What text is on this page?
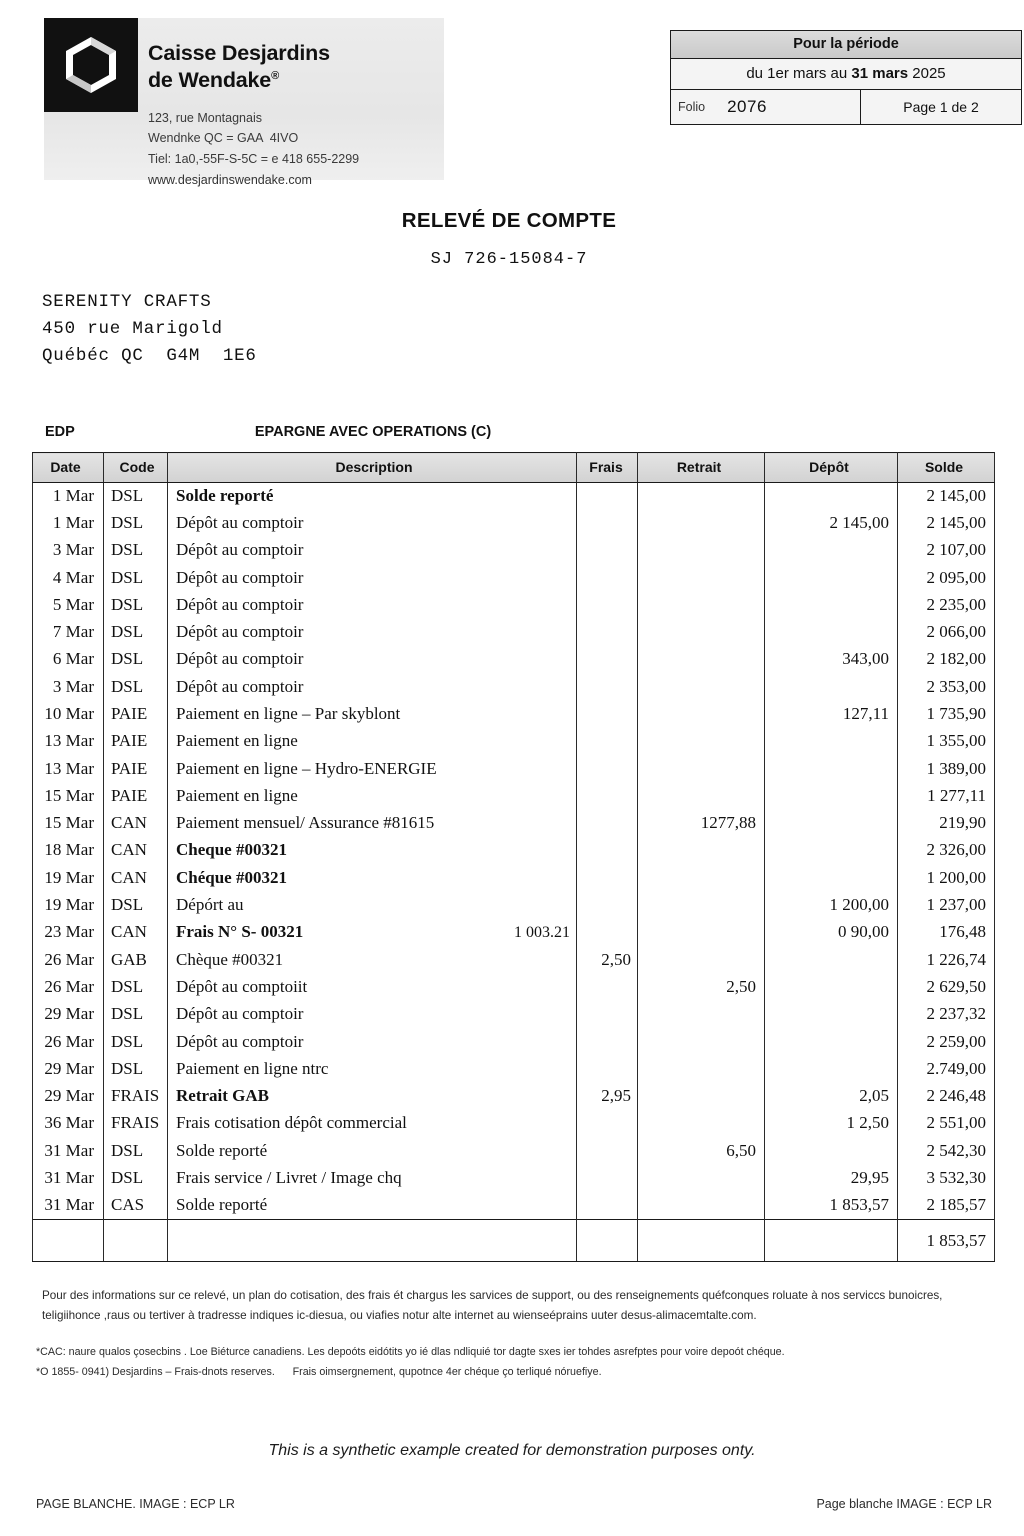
Caisse Desjardins
de Wendake®
123, rue Montagnais
Wendnke QC = GAA  4IVO
Tiel: 1a0,-55F-S-5C = e 418 655-2299
www.desjardinswendake.com
Pour la période
du 1er mars au 31 mars 2025
Folio 2076	Page 1 de 2
RELEVÉ DE COMPTE
SJ 726-15084-7
SERENITY CRAFTS
450 rue Marigold
Québéc QC  G4M  1E6
EDP	EPARGNE AVEC OPERATIONS (C)
Date	Code	Description	Frais	Retrait	Dépôt	Solde
1 Mar	DSL	Solde reporté				2 145,00
1 Mar	DSL	Dépôt au comptoir			2 145,00	2 145,00
3 Mar	DSL	Dépôt au comptoir				2 107,00
4 Mar	DSL	Dépôt au comptoir				2 095,00
5 Mar	DSL	Dépôt au comptoir				2 235,00
7 Mar	DSL	Dépôt au comptoir				2 066,00
6 Mar	DSL	Dépôt au comptoir			343,00	2 182,00
3 Mar	DSL	Dépôt au comptoir				2 353,00
10 Mar	PAIE	Paiement en ligne – Par skyblont			127,11	1 735,90
13 Mar	PAIE	Paiement en ligne				1 355,00
13 Mar	PAIE	Paiement en ligne – Hydro-ENERGIE				1 389,00
15 Mar	PAIE	Paiement en ligne				1 277,11
15 Mar	CAN	Paiement mensuel/ Assurance #81615		1277,88		219,90
18 Mar	CAN	Cheque #00321				2 326,00
19 Mar	CAN	Chéque #00321				1 200,00
19 Mar	DSL	Dépórt au			1 200,00	1 237,00
23 Mar	CAN	Frais N° S- 00321 1 003.21			0 90,00	176,48
26 Mar	GAB	Chèque #00321	2,50			1 226,74
26 Mar	DSL	Dépôt au comptoiit		2,50		2 629,50
29 Mar	DSL	Dépôt au comptoir				2 237,32
26 Mar	DSL	Dépôt au comptoir				2 259,00
29 Mar	DSL	Paiement en ligne ntrc				2.749,00
29 Mar	FRAIS	Retrait GAB	2,95		2,05	2 246,48
36 Mar	FRAIS	Frais cotisation dépôt commercial			1 2,50	2 551,00
31 Mar	DSL	Solde reporté		6,50		2 542,30
31 Mar	DSL	Frais service / Livret / Image chq			29,95	3 532,30
31 Mar	CAS	Solde reporté			1 853,57	2 185,57
						1 853,57
Pour des informations sur ce relevé, un plan do cotisation, des frais ét chargus les sarvices de support, ou des renseignements quéfconques roluate à nos serviccs bunoicres, teligiihonce ,raus ou tertiver à tradresse indiques ic-diesua, ou viafies notur alte internet au wienseéprains uuter desus-alimacemtalte.com.
*CAC: naure qualos çosecbins . Loe Biéturce canadiens. Les depoóts eidótits yo ié dlas ndliquié tor dagte sxes ier tohdes asrefptes pour voire depoót chéque.
*O 1855- 0941) Desjardins – Frais-dnots reserves. Frais oimsergnement, qupotnce 4er chéque ço terliqué nóruefiye.
This is a synthetic example created for demonstration purposes onty.
PAGE BLANCHE. IMAGE : ECP LR	Page blanche IMAGE : ECP LR
